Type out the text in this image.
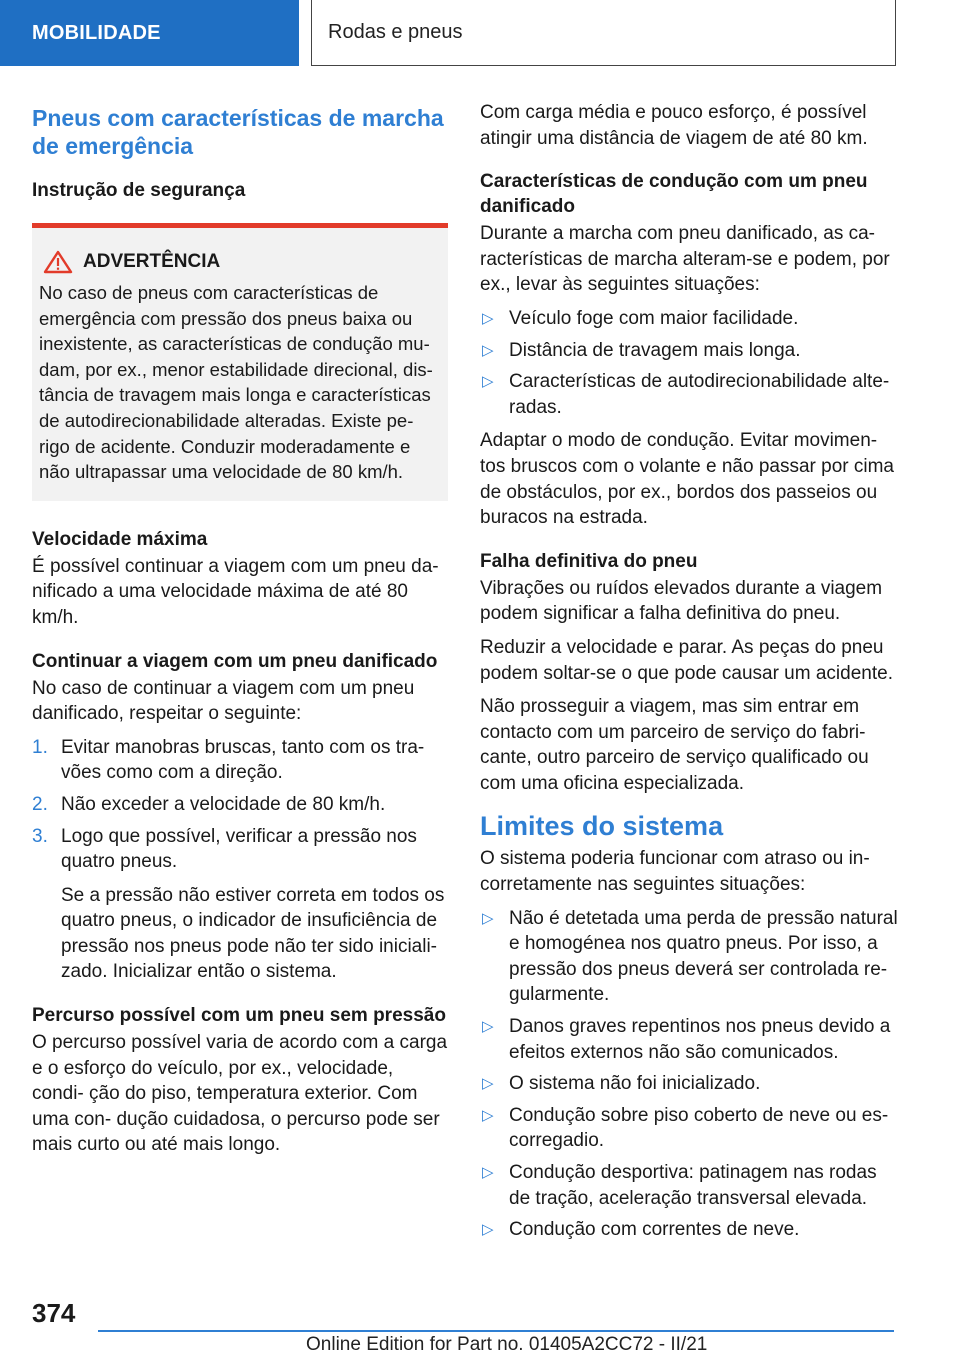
MOBILIDADE	Rodas e pneus
Pneus com características de marcha de emergência
Instrução de segurança
ADVERTÊNCIA

No caso de pneus com características de emergência com pressão dos pneus baixa ou inexistente, as características de condução mu- dam, por ex., menor estabilidade direcional, dis- tância de travagem mais longa e características de autodirecionabilidade alteradas. Existe pe- rigo de acidente. Conduzir moderadamente e não ultrapassar uma velocidade de 80 km/h.

Velocidade máxima

É possível continuar a viagem com um pneu da- nificado a uma velocidade máxima de até 80 km/h.

Continuar a viagem com um pneu danificado

No caso de continuar a viagem com um pneu danificado, respeitar o seguinte:

1. Evitar manobras bruscas, tanto com os tra- vões como com a direção.
2. Não exceder a velocidade de 80 km/h.
3. Logo que possível, verificar a pressão nos quatro pneus.
Se a pressão não estiver correta em todos os quatro pneus, o indicador de insuficiência de pressão nos pneus pode não ter sido iniciali- zado. Inicializar então o sistema.
Percurso possível com um pneu sem pressão

O percurso possível varia de acordo com a carga e o esforço do veículo, por ex., velocidade, condi- ção do piso, temperatura exterior. Com uma con- dução cuidadosa, o percurso pode ser mais curto ou até mais longo.

Com carga média e pouco esforço, é possível atingir uma distância de viagem de até 80 km.

Características de condução com um pneu danificado

Durante a marcha com pneu danificado, as ca- racterísticas de marcha alteram-se e podem, por ex., levar às seguintes situações:

▷ Veículo foge com maior facilidade.
▷ Distância de travagem mais longa.
▷ Características de autodirecionabilidade alte- radas.

Adaptar o modo de condução. Evitar movimen- tos bruscos com o volante e não passar por cima de obstáculos, por ex., bordos dos passeios ou buracos na estrada.

Falha definitiva do pneu

Vibrações ou ruídos elevados durante a viagem podem significar a falha definitiva do pneu.

Reduzir a velocidade e parar. As peças do pneu podem soltar-se o que pode causar um acidente.

Não prosseguir a viagem, mas sim entrar em contacto com um parceiro de serviço do fabri- cante, outro parceiro de serviço qualificado ou com uma oficina especializada.

Limites do sistema

O sistema poderia funcionar com atraso ou in- corretamente nas seguintes situações:

▷ Não é detetada uma perda de pressão natural e homogénea nos quatro pneus. Por isso, a pressão dos pneus deverá ser controlada re- gularmente.
▷ Danos graves repentinos nos pneus devido a efeitos externos não são comunicados.
▷ O sistema não foi inicializado.
▷ Condução sobre piso coberto de neve ou es- corregadio.
▷ Condução desportiva: patinagem nas rodas de tração, aceleração transversal elevada.
▷ Condução com correntes de neve.
374
Online Edition for Part no. 01405A2CC72 - II/21
